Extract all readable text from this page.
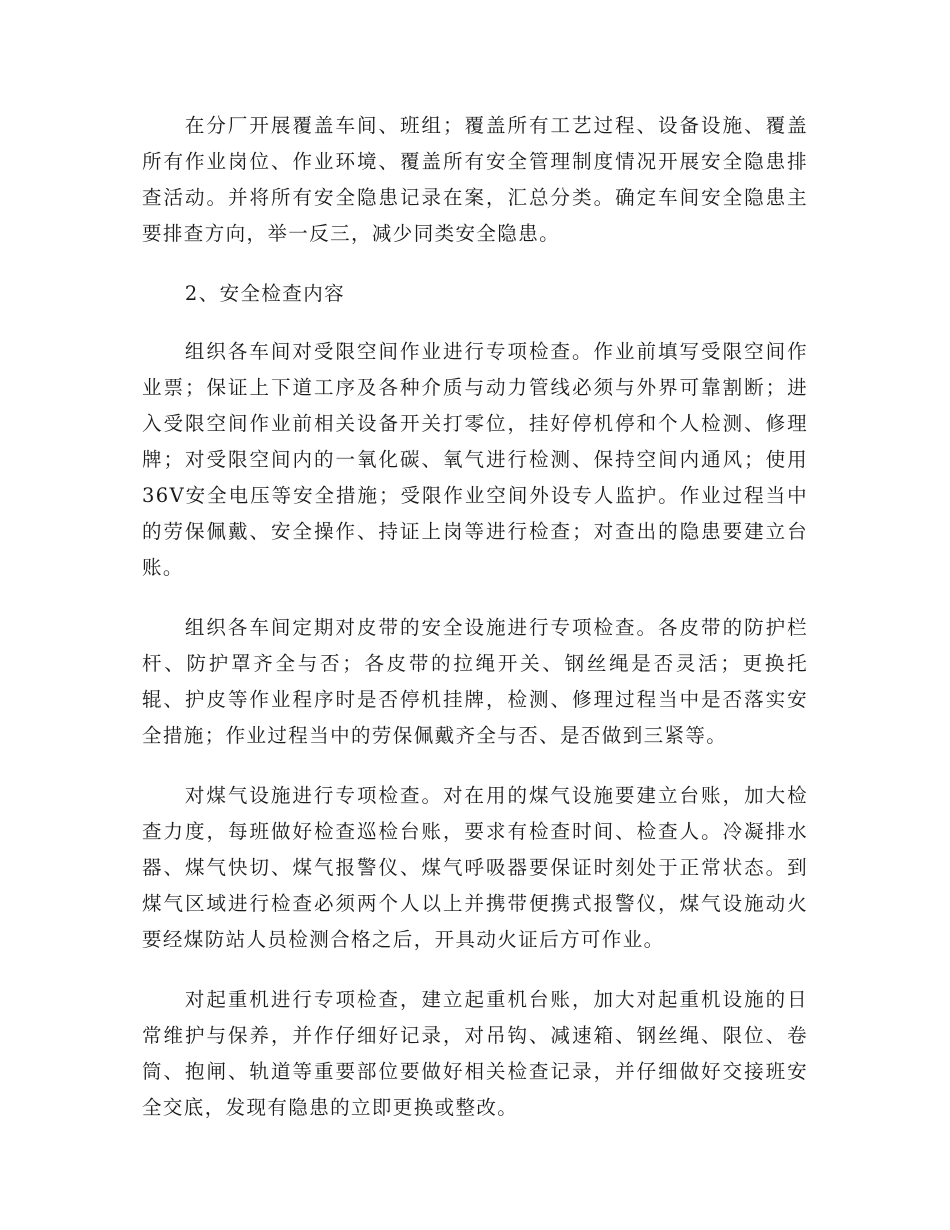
在分厂开展覆盖车间、班组；覆盖所有工艺过程、设备设施、覆盖所有作业岗位、作业环境、覆盖所有安全管理制度情况开展安全隐患排查活动。并将所有安全隐患记录在案，汇总分类。确定车间安全隐患主要排查方向，举一反三，减少同类安全隐患。

2、安全检查内容

组织各车间对受限空间作业进行专项检查。作业前填写受限空间作业票；保证上下道工序及各种介质与动力管线必须与外界可靠割断；进入受限空间作业前相关设备开关打零位，挂好停机停和个人检测、修理牌；对受限空间内的一氧化碳、氧气进行检测、保持空间内通风；使用36V安全电压等安全措施；受限作业空间外设专人监护。作业过程当中的劳保佩戴、安全操作、持证上岗等进行检查；对查出的隐患要建立台账。

组织各车间定期对皮带的安全设施进行专项检查。各皮带的防护栏杆、防护罩齐全与否；各皮带的拉绳开关、钢丝绳是否灵活；更换托辊、护皮等作业程序时是否停机挂牌，检测、修理过程当中是否落实安全措施；作业过程当中的劳保佩戴齐全与否、是否做到三紧等。

对煤气设施进行专项检查。对在用的煤气设施要建立台账，加大检查力度，每班做好检查巡检台账，要求有检查时间、检查人。冷凝排水器、煤气快切、煤气报警仪、煤气呼吸器要保证时刻处于正常状态。到煤气区域进行检查必须两个人以上并携带便携式报警仪，煤气设施动火要经煤防站人员检测合格之后，开具动火证后方可作业。

对起重机进行专项检查，建立起重机台账，加大对起重机设施的日常维护与保养，并作仔细好记录，对吊钩、减速箱、钢丝绳、限位、卷筒、抱闸、轨道等重要部位要做好相关检查记录，并仔细做好交接班安全交底，发现有隐患的立即更换或整改。
